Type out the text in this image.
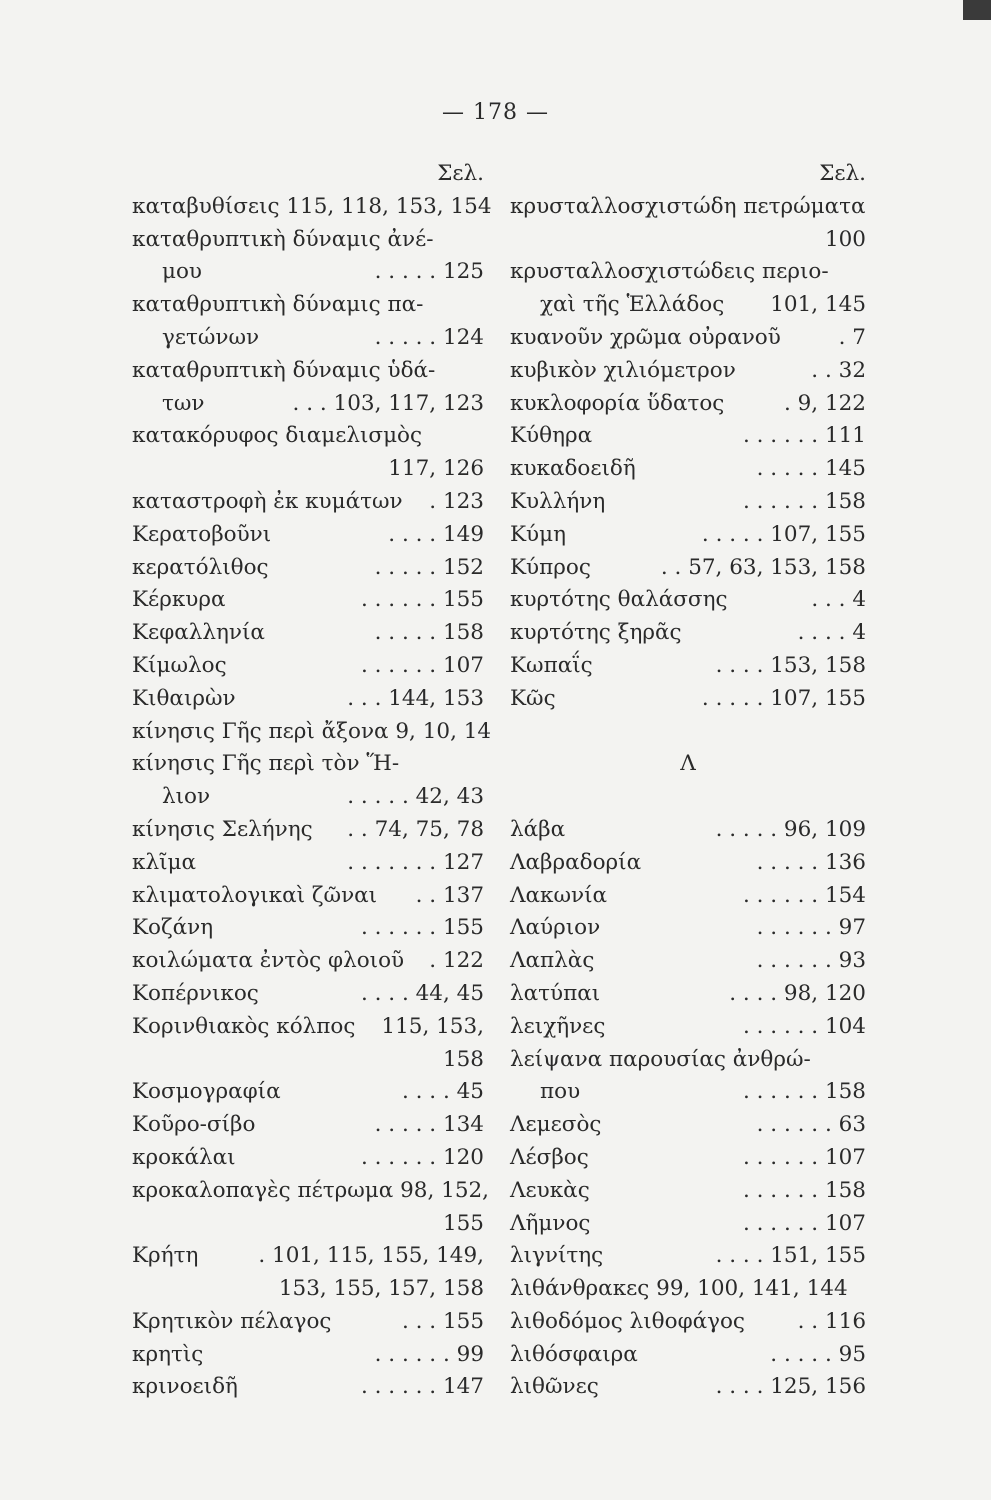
— 178 —
Σελ.
καταβυθίσεις 115, 118, 153, 154
καταθρυπτικὴ δύναμις ἀνέ-
μου	. . . . . 125
καταθρυπτικὴ δύναμις πα-
γετώνων	. . . . . 124
καταθρυπτικὴ δύναμις ὑδά-
των	. . . 103, 117, 123
κατακόρυφος διαμελισμὸς
117, 126
καταστροφὴ ἐκ κυμάτων . 123
Κερατοβοῦνι	. . . . 149
κερατόλιθος	. . . . . 152
Κέρκυρα	. . . . . . 155
Κεφαλληνία	. . . . . 158
Κίμωλος	. . . . . . 107
Κιθαιρὼν	. . . 144, 153
κίνησις Γῆς περὶ ἄξονα 9, 10, 14
κίνησις Γῆς περὶ τὸν Ἥ-
λιον	. . . . . 42, 43
κίνησις Σελήνης . . 74, 75, 78
κλῖμα	. . . . . . . 127
κλιματολογικαὶ ζῶναι . . 137
Κοζάνη	. . . . . . 155
κοιλώματα ἐντὸς φλοιοῦ . 122
Κοπέρνικος	. . . . 44, 45
Κορινθιακὸς κόλπος 115, 153,
158
Κοσμογραφία	. . . . 45
Κοῦρο-σίβο	. . . . . 134
κροκάλαι	. . . . . . 120
κροκαλοπαγὲς πέτρωμα 98, 152,
155
Κρήτη	. 101, 115, 155, 149,
153, 155, 157, 158
Κρητικὸν πέλαγος	. . . 155
κρητὶς	. . . . . . 99
κρινοειδῆ	. . . . . . 147
Σελ.
κρυσταλλοσχιστώδη πετρώματα
100
κρυσταλλοσχιστώδεις περιο-
χαὶ τῆς Ἑλλάδος 101, 145
κυανοῦν χρῶμα οὐρανοῦ	. 7
κυβικὸν χιλιόμετρον	. . 32
κυκλοφορία ὕδατος	. 9, 122
Κύθηρα	. . . . . . 111
κυκαδοειδῆ	. . . . . 145
Κυλλήνη	. . . . . . 158
Κύμη	. . . . . 107, 155
Κύπρος	. . 57, 63, 153, 158
κυρτότης θαλάσσης	. . . 4
κυρτότης ξηρᾶς	. . . . 4
Κωπαΐς	. . . . 153, 158
Κῶς	. . . . . 107, 155
Λ
λάβα	. . . . . 96, 109
Λαβραδορία	. . . . . 136
Λακωνία	. . . . . . 154
Λαύριον	. . . . . . 97
Λαπλὰς	. . . . . . 93
λατύπαι	. . . . 98, 120
λειχῆνες	. . . . . . 104
λείψανα παρουσίας ἀνθρώ-
που	. . . . . . 158
Λεμεσὸς	. . . . . . 63
Λέσβος	. . . . . . 107
Λευκὰς	. . . . . . 158
Λῆμνος	. . . . . . 107
λιγνίτης	. . . . 151, 155
λιθάνθρακες 99, 100, 141, 144
λιθοδόμος λιθοφάγος . . 116
λιθόσφαιρα	. . . . . 95
λιθῶνες	. . . . 125, 156
